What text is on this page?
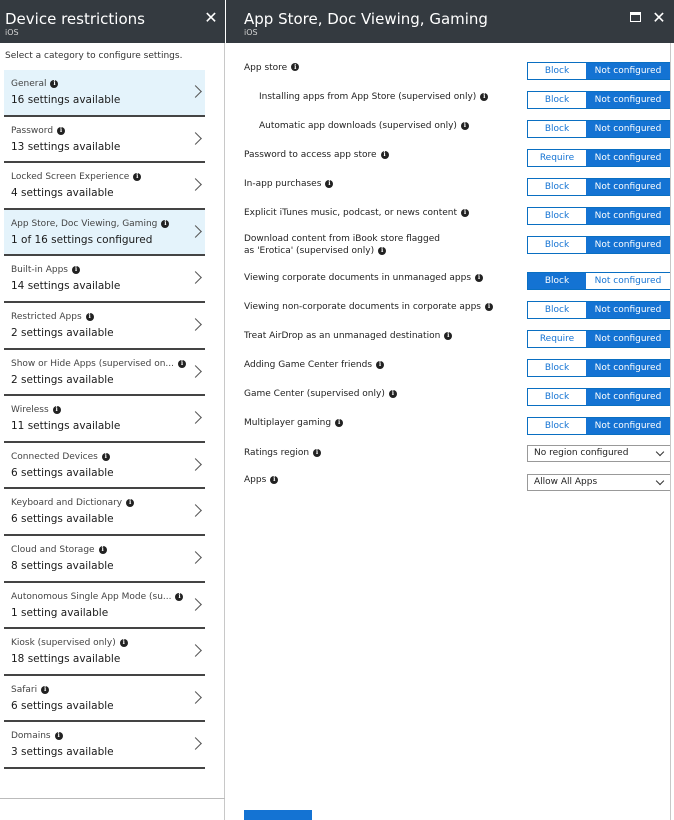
Device restrictions
iOS
✕
Select a category to configure settings.
General i
16 settings available
Password i
13 settings available
Locked Screen Experience i
4 settings available
App Store, Doc Viewing, Gaming i
1 of 16 settings configured
Built-in Apps i
14 settings available
Restricted Apps i
2 settings available
Show or Hide Apps (supervised on... i
2 settings available
Wireless i
11 settings available
Connected Devices i
6 settings available
Keyboard and Dictionary i
6 settings available
Cloud and Storage i
8 settings available
Autonomous Single App Mode (su... i
1 setting available
Kiosk (supervised only) i
18 settings available
Safari i
6 settings available
Domains i
3 settings available
App Store, Doc Viewing, Gaming
iOS
✕
App store i	Block	Not configured
Installing apps from App Store (supervised only) i	Block	Not configured
Automatic app downloads (supervised only) i	Block	Not configured
Password to access app store i	Require	Not configured
In-app purchases i	Block	Not configured
Explicit iTunes music, podcast, or news content i	Block	Not configured
Download content from iBook store flagged as 'Erotica' (supervised only) i
Block	Not configured
Viewing corporate documents in unmanaged apps i	Block	Not configured
Viewing non-corporate documents in corporate apps i	Block	Not configured
Treat AirDrop as an unmanaged destination i	Require	Not configured
Adding Game Center friends i	Block	Not configured
Game Center (supervised only) i	Block	Not configured
Multiplayer gaming i	Block	Not configured
Ratings region i	No region configured
Apps i	Allow All Apps
